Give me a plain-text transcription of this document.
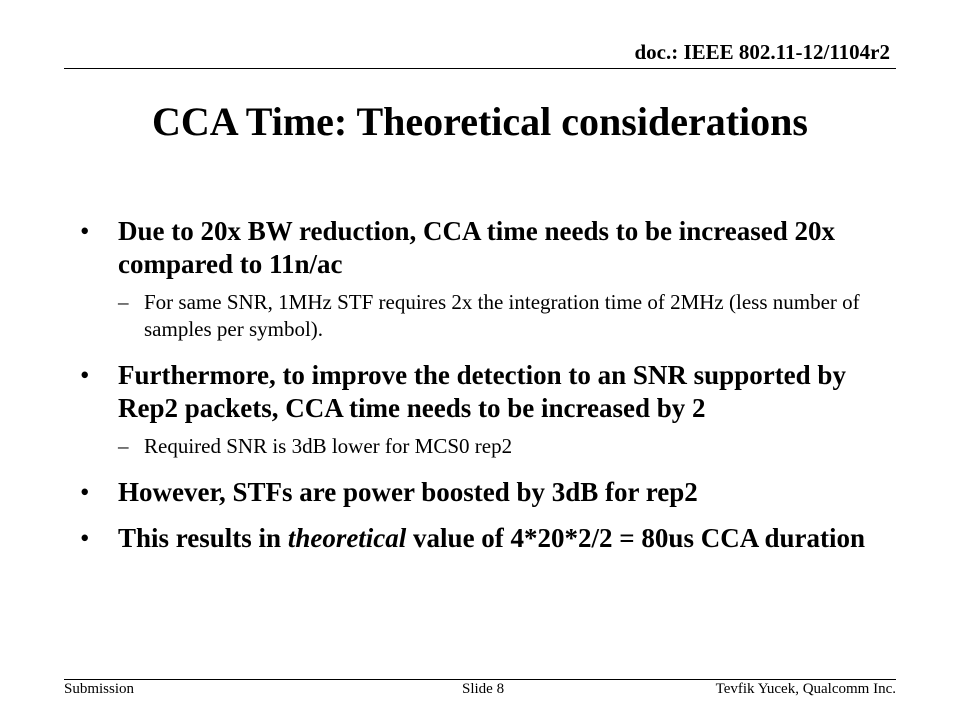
doc.: IEEE 802.11-12/1104r2
CCA Time: Theoretical considerations
•	Due to 20x BW reduction, CCA time needs to be increased 20x compared to 11n/ac
– For same SNR, 1MHz STF requires 2x the integration time of 2MHz (less number of samples per symbol).
•	Furthermore, to improve the detection to an SNR supported by Rep2 packets, CCA time needs to be increased by 2
– Required SNR is 3dB lower for MCS0 rep2
•	However, STFs are power boosted by 3dB for rep2
•	This results in theoretical value of 4*20*2/2 = 80us CCA duration
Submission	Slide 8	Tevfik Yucek, Qualcomm Inc.
